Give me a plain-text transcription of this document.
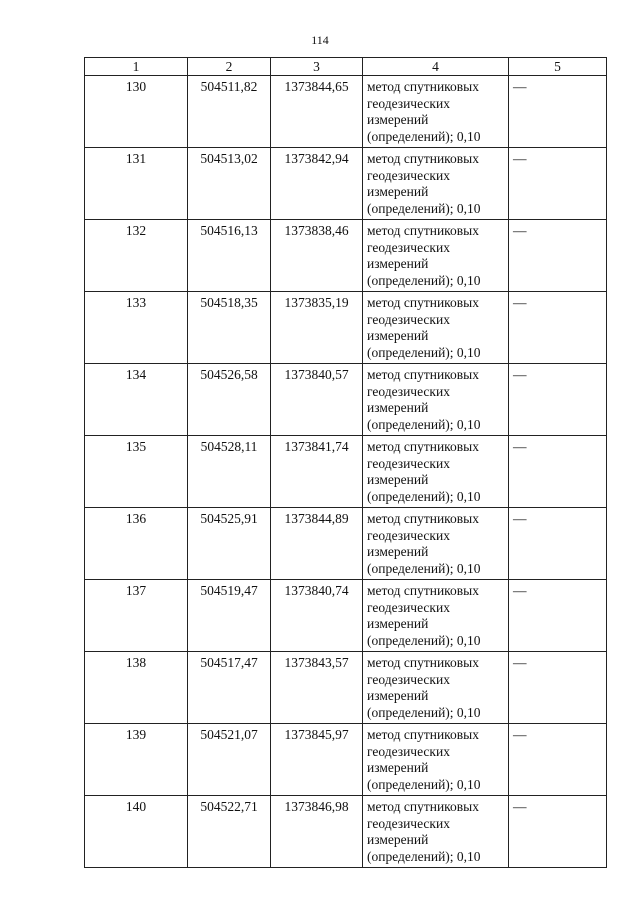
114
1	2	3	4	5
130	504511,82	1373844,65	метод спутниковых
геодезических
измерений
(определений); 0,10	—
131	504513,02	1373842,94	метод спутниковых
геодезических
измерений
(определений); 0,10	—
132	504516,13	1373838,46	метод спутниковых
геодезических
измерений
(определений); 0,10	—
133	504518,35	1373835,19	метод спутниковых
геодезических
измерений
(определений); 0,10	—
134	504526,58	1373840,57	метод спутниковых
геодезических
измерений
(определений); 0,10	—
135	504528,11	1373841,74	метод спутниковых
геодезических
измерений
(определений); 0,10	—
136	504525,91	1373844,89	метод спутниковых
геодезических
измерений
(определений); 0,10	—
137	504519,47	1373840,74	метод спутниковых
геодезических
измерений
(определений); 0,10	—
138	504517,47	1373843,57	метод спутниковых
геодезических
измерений
(определений); 0,10	—
139	504521,07	1373845,97	метод спутниковых
геодезических
измерений
(определений); 0,10	—
140	504522,71	1373846,98	метод спутниковых
геодезических
измерений
(определений); 0,10	—
